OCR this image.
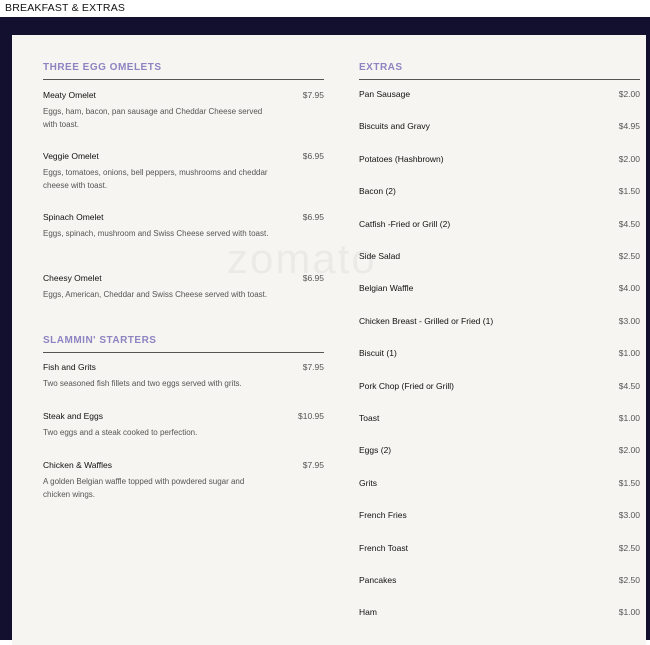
BREAKFAST & EXTRAS
THREE EGG OMELETS
Meaty Omelet	$7.95
Eggs, ham, bacon, pan sausage and Cheddar Cheese served with toast.
Veggie Omelet	$6.95
Eggs, tomatoes, onions, bell peppers, mushrooms and cheddar cheese with toast.
Spinach Omelet	$6.95
Eggs, spinach, mushroom and Swiss Cheese served with toast.
Cheesy Omelet	$6.95
Eggs, American, Cheddar and Swiss Cheese served with toast.
SLAMMIN' STARTERS
Fish and Grits	$7.95
Two seasoned fish fillets and two eggs served with grits.
Steak and Eggs	$10.95
Two eggs and a steak cooked to perfection.
Chicken & Waffles	$7.95
A golden Belgian waffle topped with powdered sugar and chicken wings.
EXTRAS
Pan Sausage	$2.00
Biscuits and Gravy	$4.95
Potatoes (Hashbrown)	$2.00
Bacon (2)	$1.50
Catfish -Fried or Grill (2)	$4.50
Side Salad	$2.50
Belgian Waffle	$4.00
Chicken Breast - Grilled or Fried (1)	$3.00
Biscuit (1)	$1.00
Pork Chop (Fried or Grill)	$4.50
Toast	$1.00
Eggs (2)	$2.00
Grits	$1.50
French Fries	$3.00
French Toast	$2.50
Pancakes	$2.50
Ham	$1.00
